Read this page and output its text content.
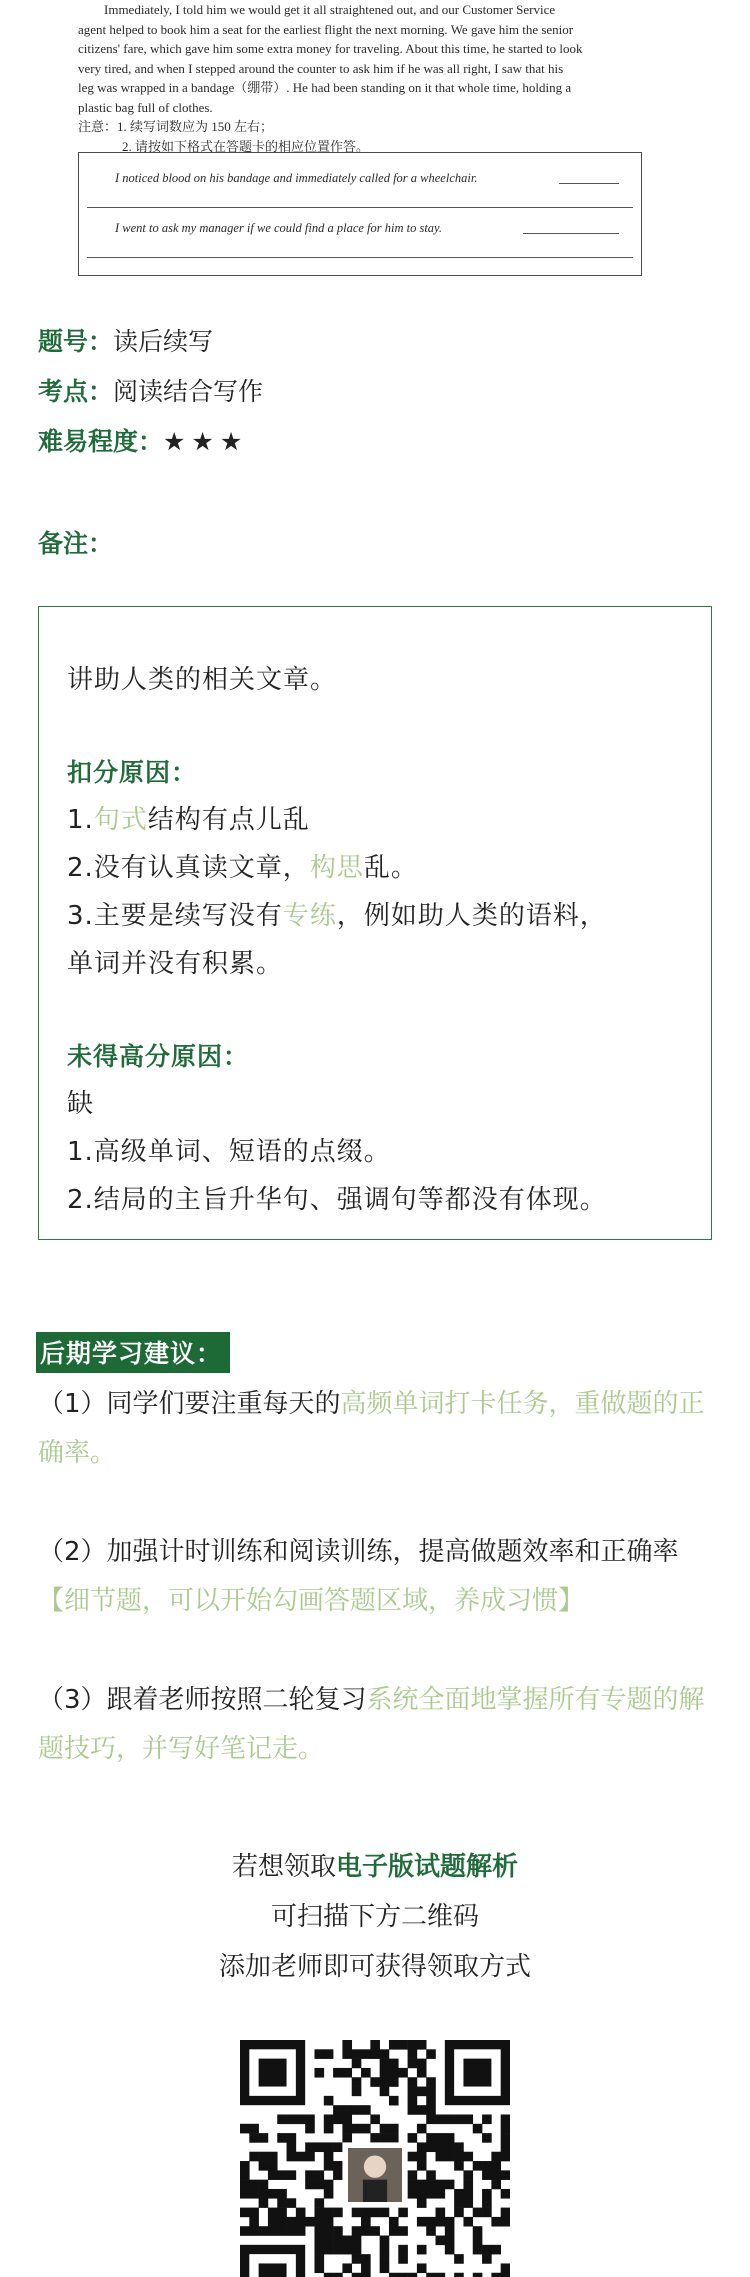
Immediately, I told him we would get it all straightened out, and our Customer Service
agent helped to book him a seat for the earliest flight the next morning. We gave him the senior
citizens' fare, which gave him some extra money for traveling. About this time, he started to look
very tired, and when I stepped around the counter to ask him if he was all right, I saw that his
leg was wrapped in a bandage（绷带）. He had been standing on it that whole time, holding a
plastic bag full of clothes.
注意：1. 续写词数应为 150 左右；
2. 请按如下格式在答题卡的相应位置作答。
I noticed blood on his bandage and immediately called for a wheelchair.
I went to ask my manager if we could find a place for him to stay.
题号：读后续写
考点：阅读结合写作
难易程度：★★★
备注：
讲助人类的相关文章。
扣分原因：
1.句式结构有点儿乱
2.没有认真读文章，构思乱。
3.主要是续写没有专练，例如助人类的语料，
单词并没有积累。
未得高分原因：
缺
1.高级单词、短语的点缀。
2.结局的主旨升华句、强调句等都没有体现。
后期学习建议：
（1）同学们要注重每天的高频单词打卡任务，重做题的正确率。
（2）加强计时训练和阅读训练，提高做题效率和正确率【细节题，可以开始勾画答题区域，养成习惯】
（3）跟着老师按照二轮复习系统全面地掌握所有专题的解题技巧，并写好笔记走。
若想领取电子版试题解析
可扫描下方二维码
添加老师即可获得领取方式
